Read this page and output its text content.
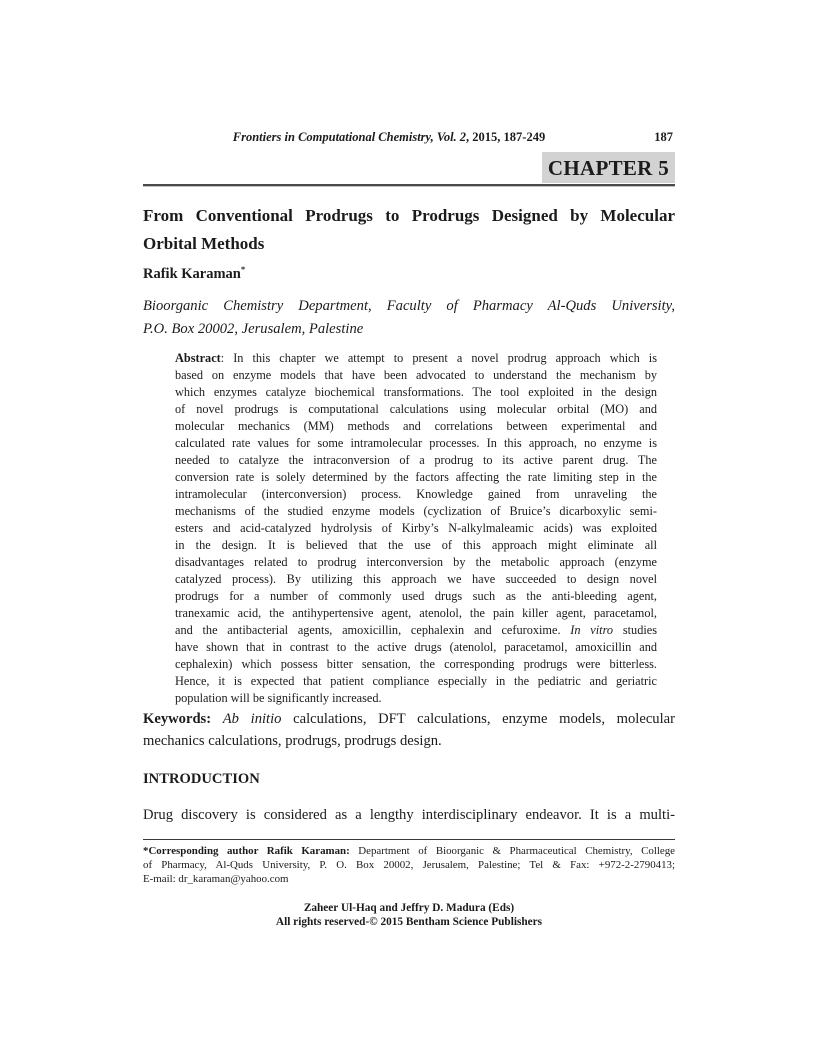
Frontiers in Computational Chemistry, Vol. 2, 2015, 187-249	187
CHAPTER 5
From Conventional Prodrugs to Prodrugs Designed by Molecular
Orbital Methods
Rafik Karaman*
Bioorganic Chemistry Department, Faculty of Pharmacy Al-Quds University,
P.O. Box 20002, Jerusalem, Palestine
Abstract: In this chapter we attempt to present a novel prodrug approach which is
based on enzyme models that have been advocated to understand the mechanism by
which enzymes catalyze biochemical transformations. The tool exploited in the design
of novel prodrugs is computational calculations using molecular orbital (MO) and
molecular mechanics (MM) methods and correlations between experimental and
calculated rate values for some intramolecular processes. In this approach, no enzyme is
needed to catalyze the intraconversion of a prodrug to its active parent drug. The
conversion rate is solely determined by the factors affecting the rate limiting step in the
intramolecular (interconversion) process. Knowledge gained from unraveling the
mechanisms of the studied enzyme models (cyclization of Bruice’s dicarboxylic semi-
esters and acid-catalyzed hydrolysis of Kirby’s N-alkylmaleamic acids) was exploited
in the design. It is believed that the use of this approach might eliminate all
disadvantages related to prodrug interconversion by the metabolic approach (enzyme
catalyzed process). By utilizing this approach we have succeeded to design novel
prodrugs for a number of commonly used drugs such as the anti-bleeding agent,
tranexamic acid, the antihypertensive agent, atenolol, the pain killer agent, paracetamol,
and the antibacterial agents, amoxicillin, cephalexin and cefuroxime. In vitro studies
have shown that in contrast to the active drugs (atenolol, paracetamol, amoxicillin and
cephalexin) which possess bitter sensation, the corresponding prodrugs were bitterless.
Hence, it is expected that patient compliance especially in the pediatric and geriatric
population will be significantly increased.
Keywords: Ab initio calculations, DFT calculations, enzyme models, molecular
mechanics calculations, prodrugs, prodrugs design.
INTRODUCTION
Drug discovery is considered as a lengthy interdisciplinary endeavor. It is a multi-
*Corresponding author Rafik Karaman: Department of Bioorganic & Pharmaceutical Chemistry, College
of Pharmacy, Al-Quds University, P. O. Box 20002, Jerusalem, Palestine; Tel & Fax: +972-2-2790413;
E-mail: dr_karaman@yahoo.com
Zaheer Ul-Haq and Jeffry D. Madura (Eds)
All rights reserved-© 2015 Bentham Science Publishers
